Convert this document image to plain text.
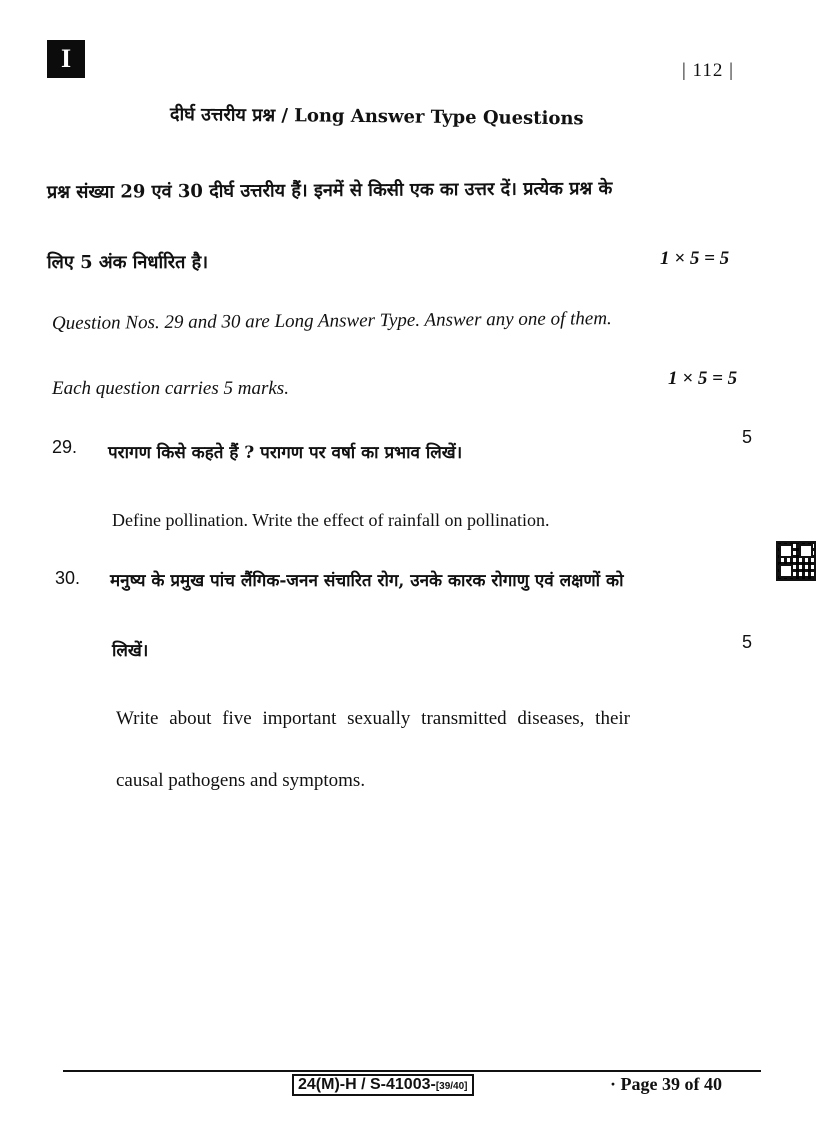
I	| 112 |
दीर्घ उत्तरीय प्रश्न / Long Answer Type Questions
प्रश्न संख्या 29 एवं 30 दीर्घ उत्तरीय हैं। इनमें से किसी एक का उत्तर दें। प्रत्येक प्रश्न के
लिए 5 अंक निर्धारित है।	1 × 5 = 5
Question Nos. 29 and 30 are Long Answer Type. Answer any one of them.
Each question carries 5 marks.	1 × 5 = 5
29. परागण किसे कहते हैं ? परागण पर वर्षा का प्रभाव लिखें।
5
Define pollination. Write the effect of rainfall on pollination.
30. मनुष्य के प्रमुख पांच लैंगिक-जनन संचारित रोग, उनके कारक रोगाणु एवं लक्षणों को
लिखें।	5
Write about five important sexually transmitted diseases, their
causal pathogens and symptoms.
24(M)-H / S-41003-[39/40]	· Page 39 of 40
